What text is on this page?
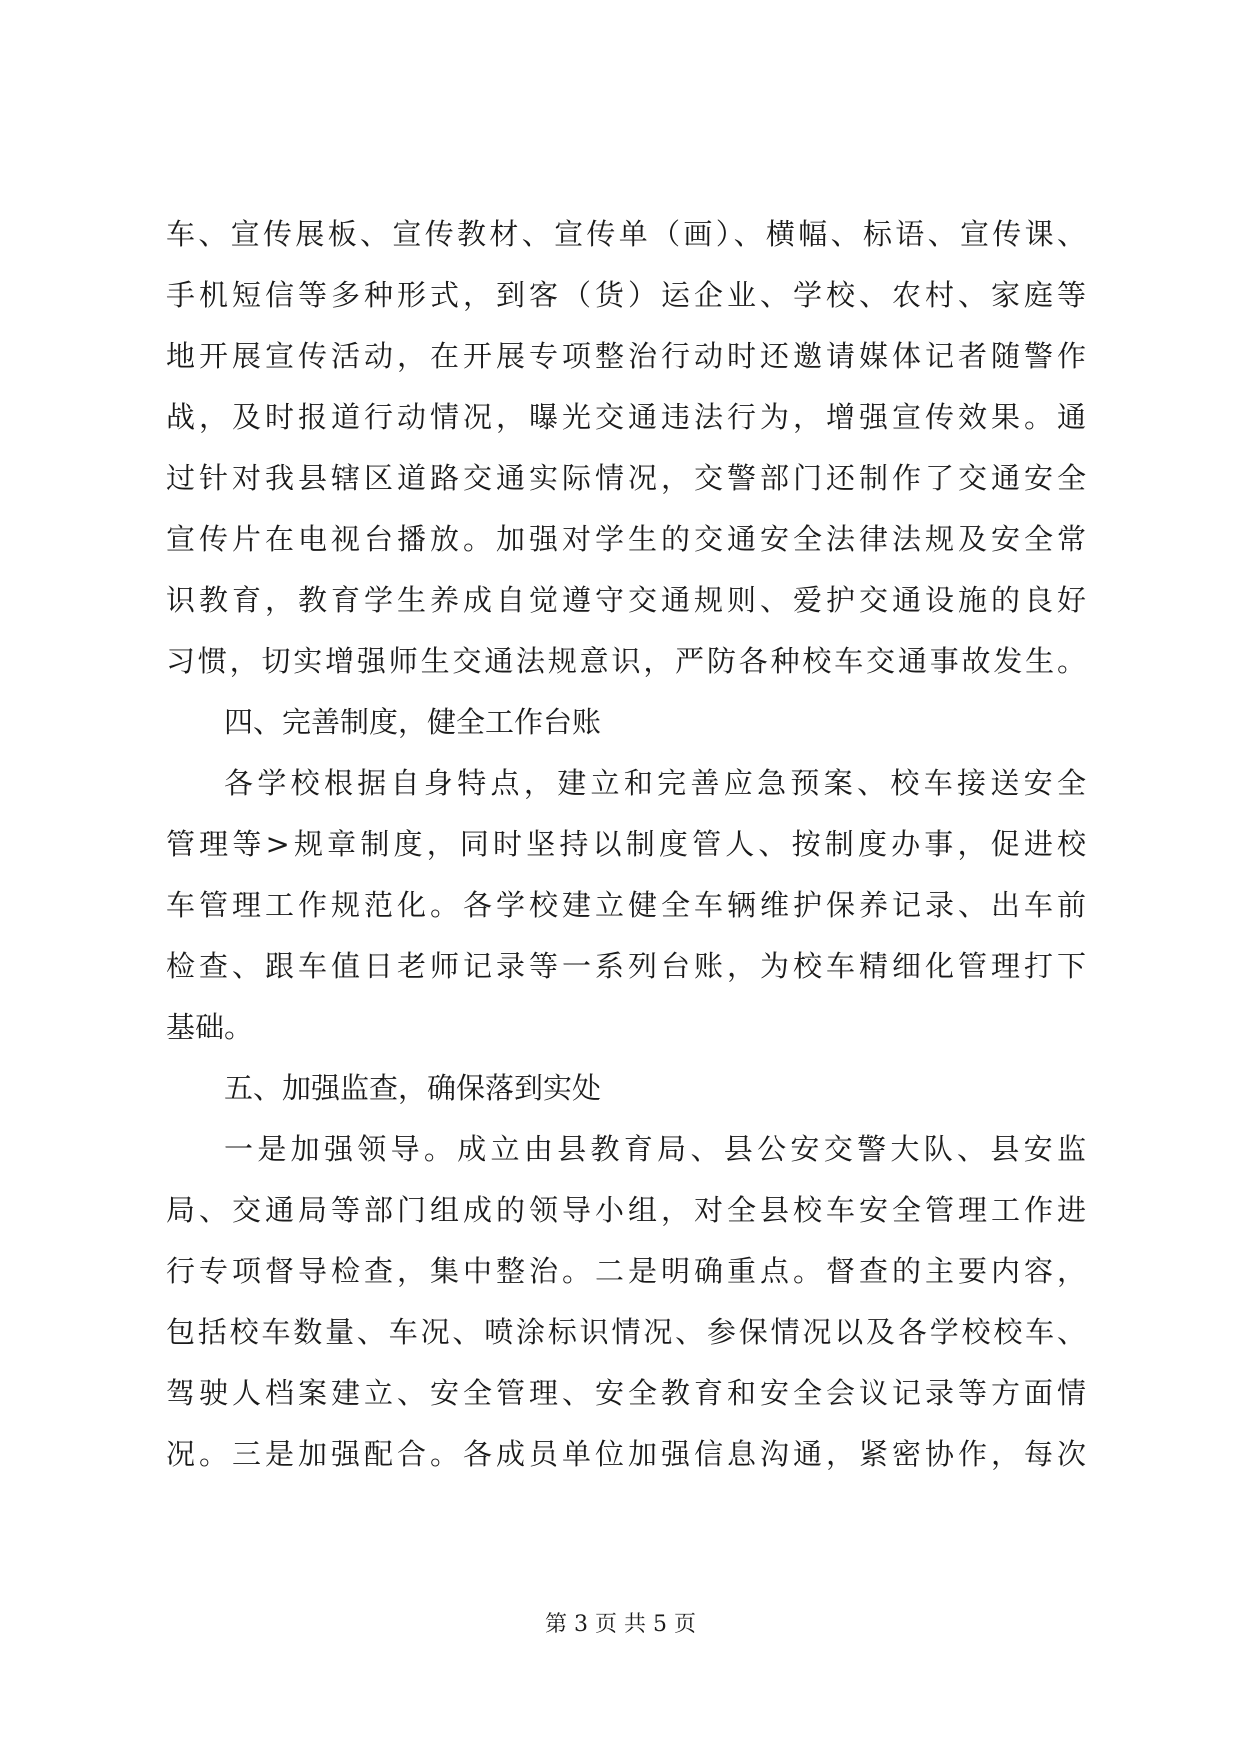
车、宣传展板、宣传教材、宣传单（画）、横幅、标语、宣传课、
手机短信等多种形式，到客（货）运企业、学校、农村、家庭等
地开展宣传活动，在开展专项整治行动时还邀请媒体记者随警作
战，及时报道行动情况，曝光交通违法行为，增强宣传效果。通
过针对我县辖区道路交通实际情况，交警部门还制作了交通安全
宣传片在电视台播放。加强对学生的交通安全法律法规及安全常
识教育，教育学生养成自觉遵守交通规则、爱护交通设施的良好
习惯，切实增强师生交通法规意识，严防各种校车交通事故发生。
四、完善制度，健全工作台账
各学校根据自身特点，建立和完善应急预案、校车接送安全
管理等>规章制度，同时坚持以制度管人、按制度办事，促进校
车管理工作规范化。各学校建立健全车辆维护保养记录、出车前
检查、跟车值日老师记录等一系列台账，为校车精细化管理打下
基础。
五、加强监查，确保落到实处
一是加强领导。成立由县教育局、县公安交警大队、县安监
局、交通局等部门组成的领导小组，对全县校车安全管理工作进
行专项督导检查，集中整治。二是明确重点。督查的主要内容，
包括校车数量、车况、喷涂标识情况、参保情况以及各学校校车、
驾驶人档案建立、安全管理、安全教育和安全会议记录等方面情
况。三是加强配合。各成员单位加强信息沟通，紧密协作，每次
第 3 页 共 5 页
